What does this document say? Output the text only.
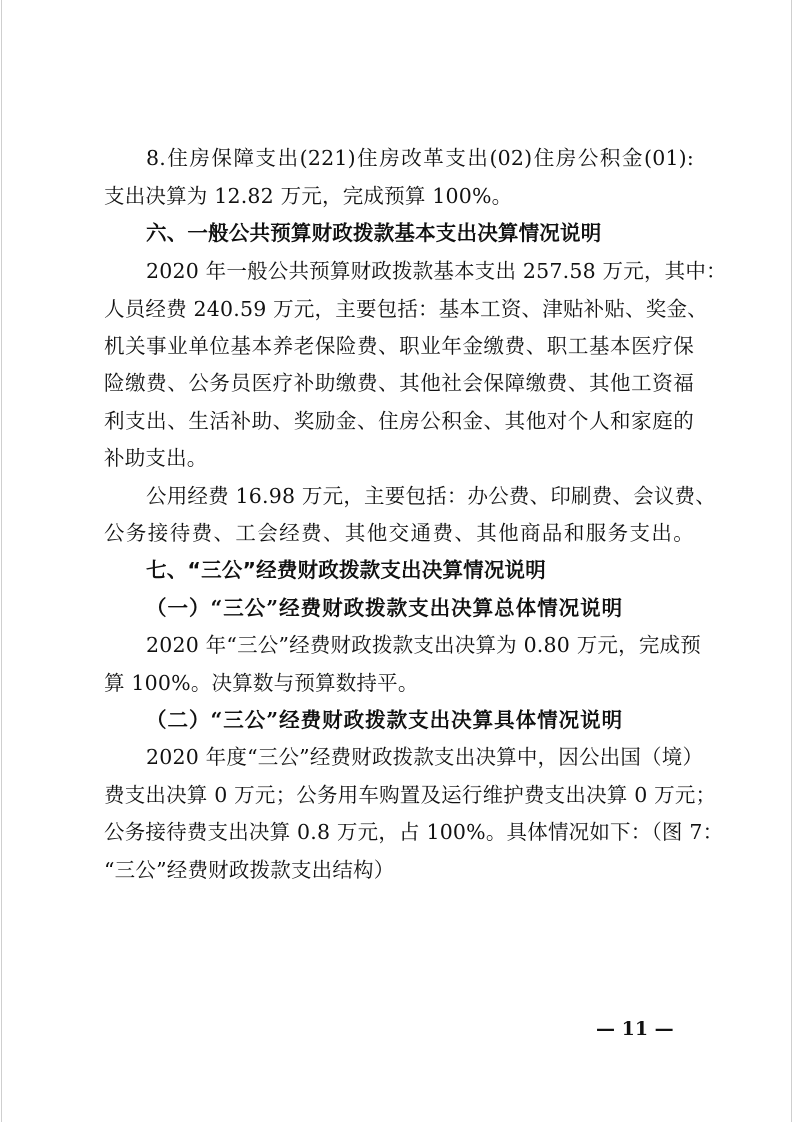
8.住房保障支出(221)住房改革支出(02)住房公积金(01):
支出决算为 12.82 万元，完成预算 100%。
六、一般公共预算财政拨款基本支出决算情况说明
2020 年一般公共预算财政拨款基本支出 257.58 万元，其中：
人员经费 240.59 万元，主要包括：基本工资、津贴补贴、奖金、
机关事业单位基本养老保险费、职业年金缴费、职工基本医疗保
险缴费、公务员医疗补助缴费、其他社会保障缴费、其他工资福
利支出、生活补助、奖励金、住房公积金、其他对个人和家庭的
补助支出。
公用经费 16.98 万元，主要包括：办公费、印刷费、会议费、
公务接待费、工会经费、其他交通费、其他商品和服务支出。
七、“三公”经费财政拨款支出决算情况说明
（一）“三公”经费财政拨款支出决算总体情况说明
2020 年“三公”经费财政拨款支出决算为 0.80 万元，完成预
算 100%。决算数与预算数持平。
（二）“三公”经费财政拨款支出决算具体情况说明
2020 年度“三公”经费财政拨款支出决算中，因公出国（境）
费支出决算 0 万元；公务用车购置及运行维护费支出决算 0 万元；
公务接待费支出决算 0.8 万元，占 100%。具体情况如下：（图 7：
“三公”经费财政拨款支出结构）
— 11 —
